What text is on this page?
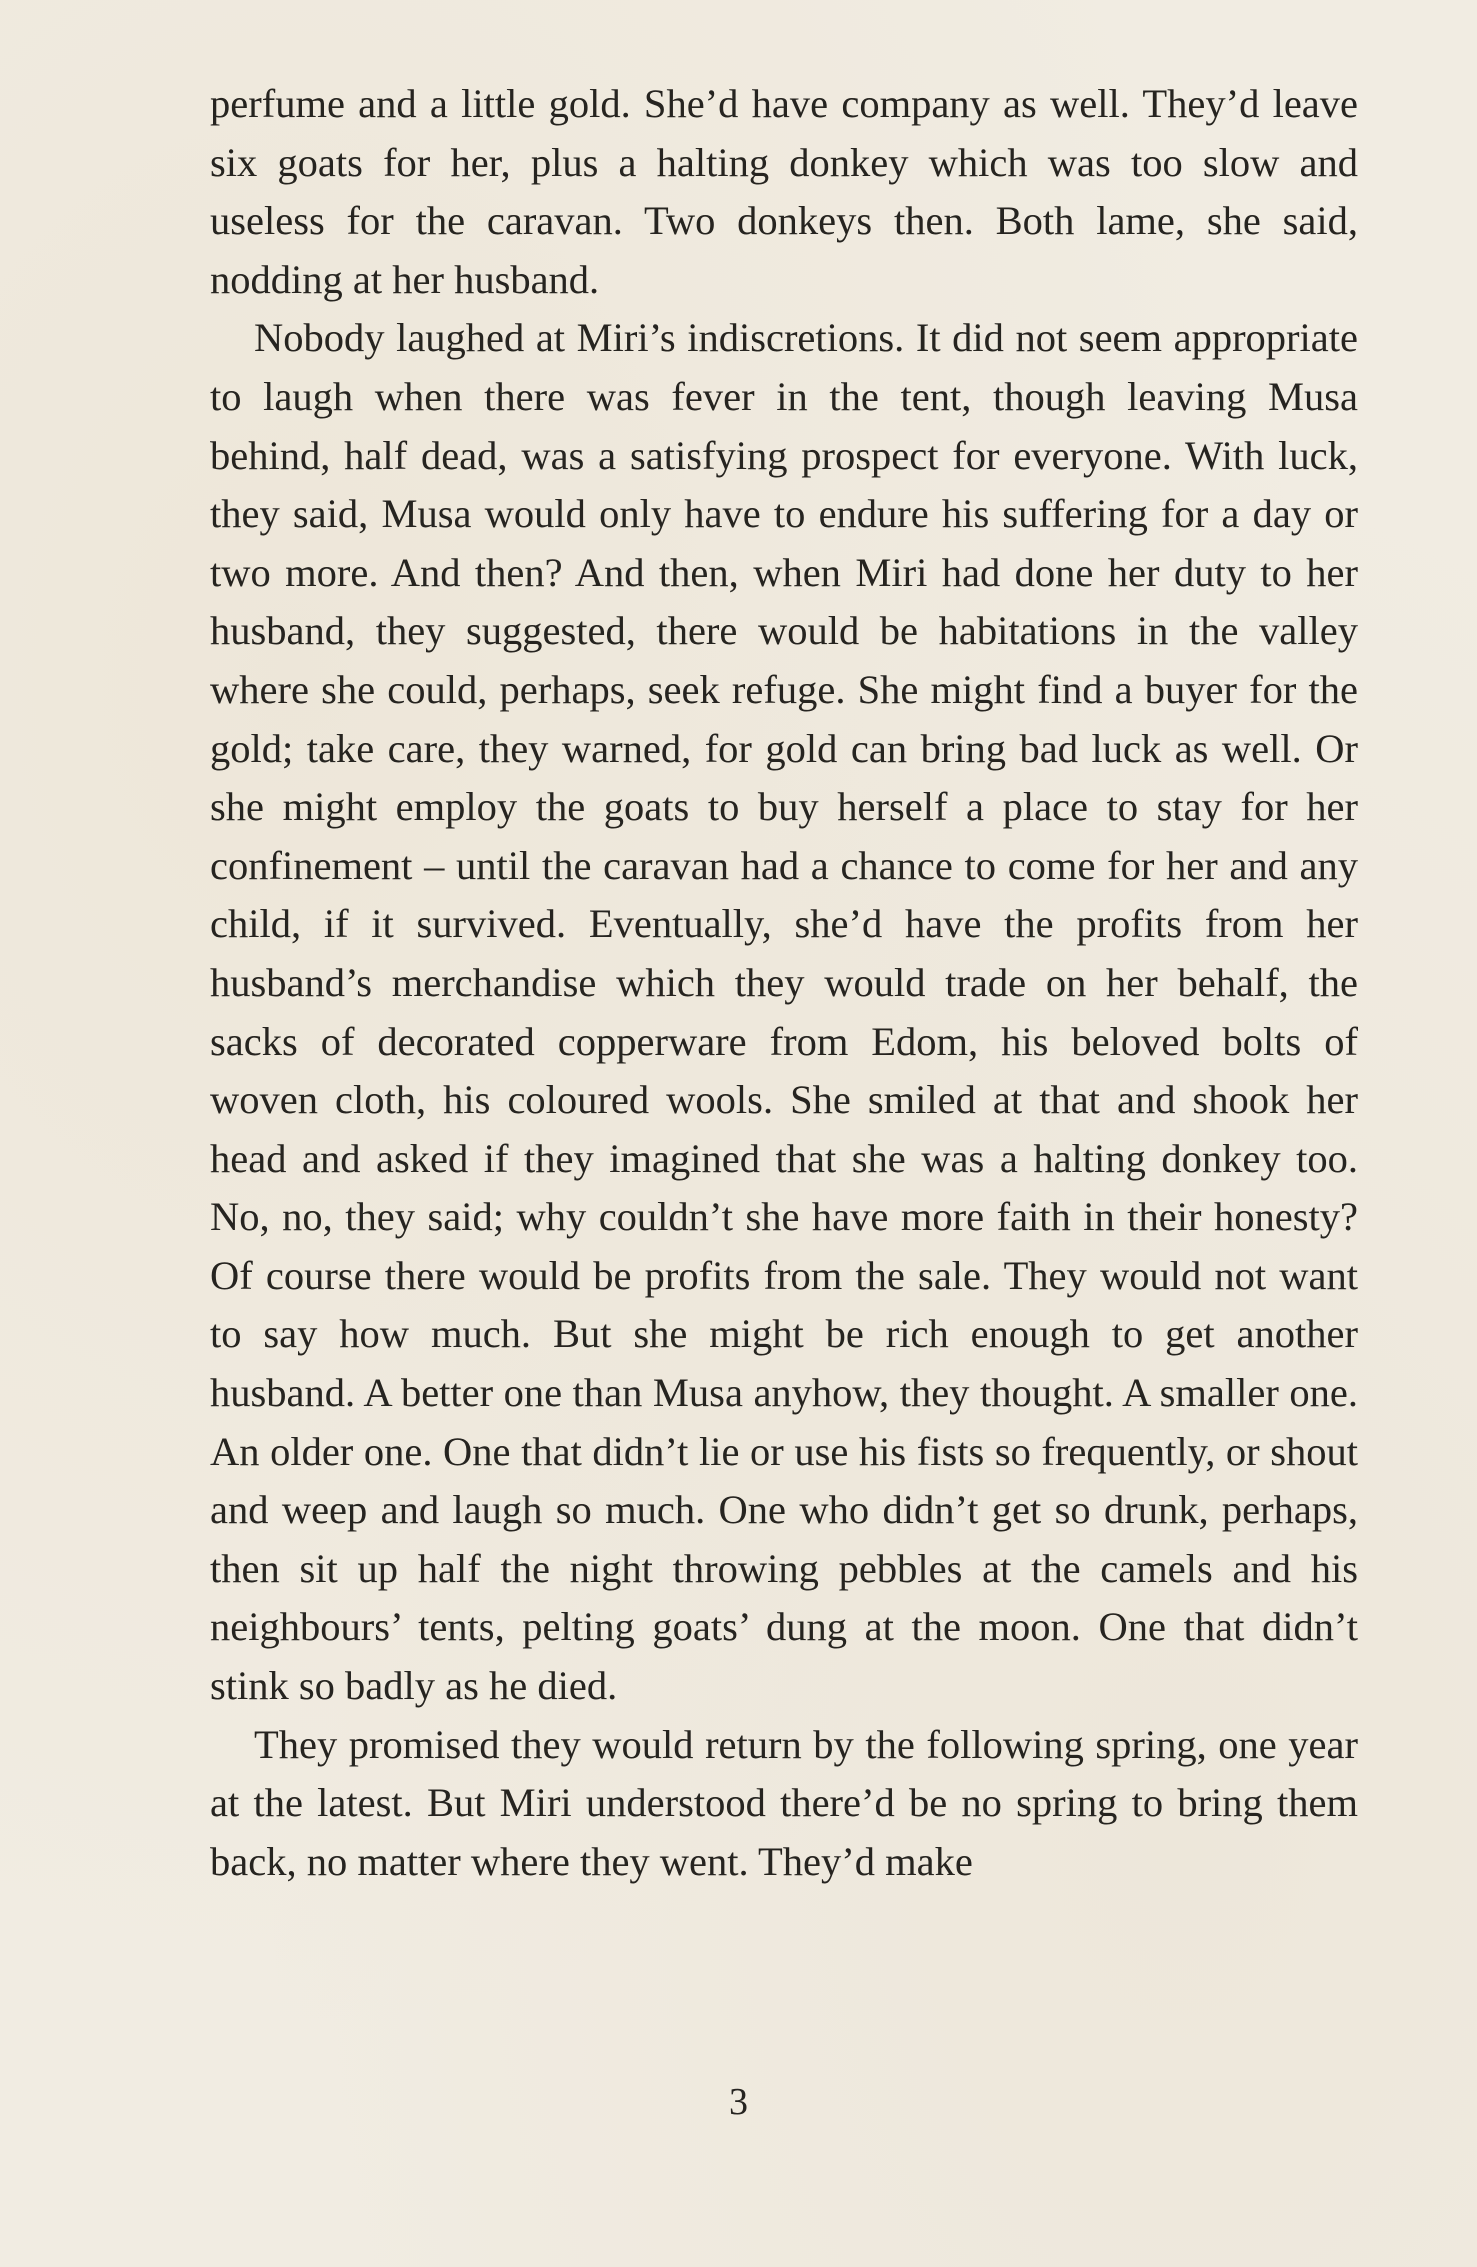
perfume and a little gold. She’d have company as well. They’d leave six goats for her, plus a halting donkey which was too slow and useless for the caravan. Two donkeys then. Both lame, she said, nodding at her husband.

Nobody laughed at Miri’s indiscretions. It did not seem appropriate to laugh when there was fever in the tent, though leaving Musa behind, half dead, was a satisfying prospect for everyone. With luck, they said, Musa would only have to endure his suffering for a day or two more. And then? And then, when Miri had done her duty to her husband, they suggested, there would be habitations in the valley where she could, perhaps, seek refuge. She might find a buyer for the gold; take care, they warned, for gold can bring bad luck as well. Or she might employ the goats to buy herself a place to stay for her confinement – until the caravan had a chance to come for her and any child, if it survived. Eventually, she’d have the profits from her husband’s merchandise which they would trade on her behalf, the sacks of decorated copperware from Edom, his beloved bolts of woven cloth, his coloured wools. She smiled at that and shook her head and asked if they imagined that she was a halting donkey too. No, no, they said; why couldn’t she have more faith in their honesty? Of course there would be profits from the sale. They would not want to say how much. But she might be rich enough to get another husband. A better one than Musa anyhow, they thought. A smaller one. An older one. One that didn’t lie or use his fists so frequently, or shout and weep and laugh so much. One who didn’t get so drunk, perhaps, then sit up half the night throwing pebbles at the camels and his neighbours’ tents, pelting goats’ dung at the moon. One that didn’t stink so badly as he died.

They promised they would return by the following spring, one year at the latest. But Miri understood there’d be no spring to bring them back, no matter where they went. They’d make

3
